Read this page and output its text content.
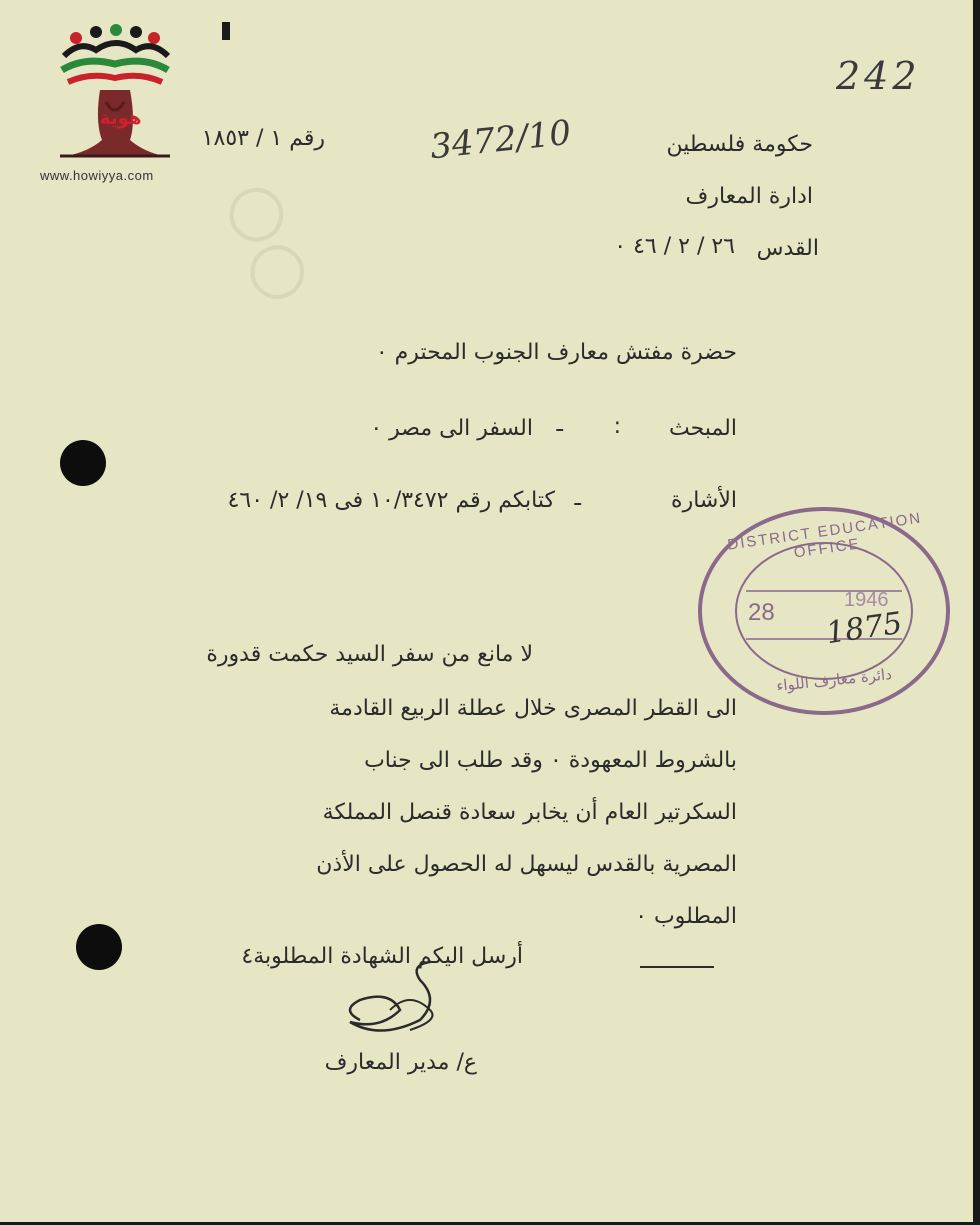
○○
هوية
www.howiyya.com
242
حكومة فلسطين
ادارة المعارف
القدس
٢٦ / ٢ / ٤٦ ٠
رقم ١ / ١٨٥٣	3472/10
حضرة مفتش معارف الجنوب المحترم ٠
المبحث
:
ـ
السفر الى مصر ٠
الأشارة
ـ
كتابكم رقم ١٠/٣٤٧٢ فى ١٩/ ٢/ ٤٦٠
DISTRICT EDUCATION OFFICE
28	1946
1875
دائرة معارف اللواء
لا مانع من سفر السيد حكمت قدورة
الى القطر المصرى خلال عطلة الربيع القادمة
بالشروط المعهودة ٠ وقد طلب الى جناب
السكرتير العام أن يخابر سعادة قنصل المملكة
المصرية بالقدس ليسهل له الحصول على الأذن
المطلوب ٠
أرسل اليكم الشهادة المطلوبة٤
ع/ مدير المعارف
